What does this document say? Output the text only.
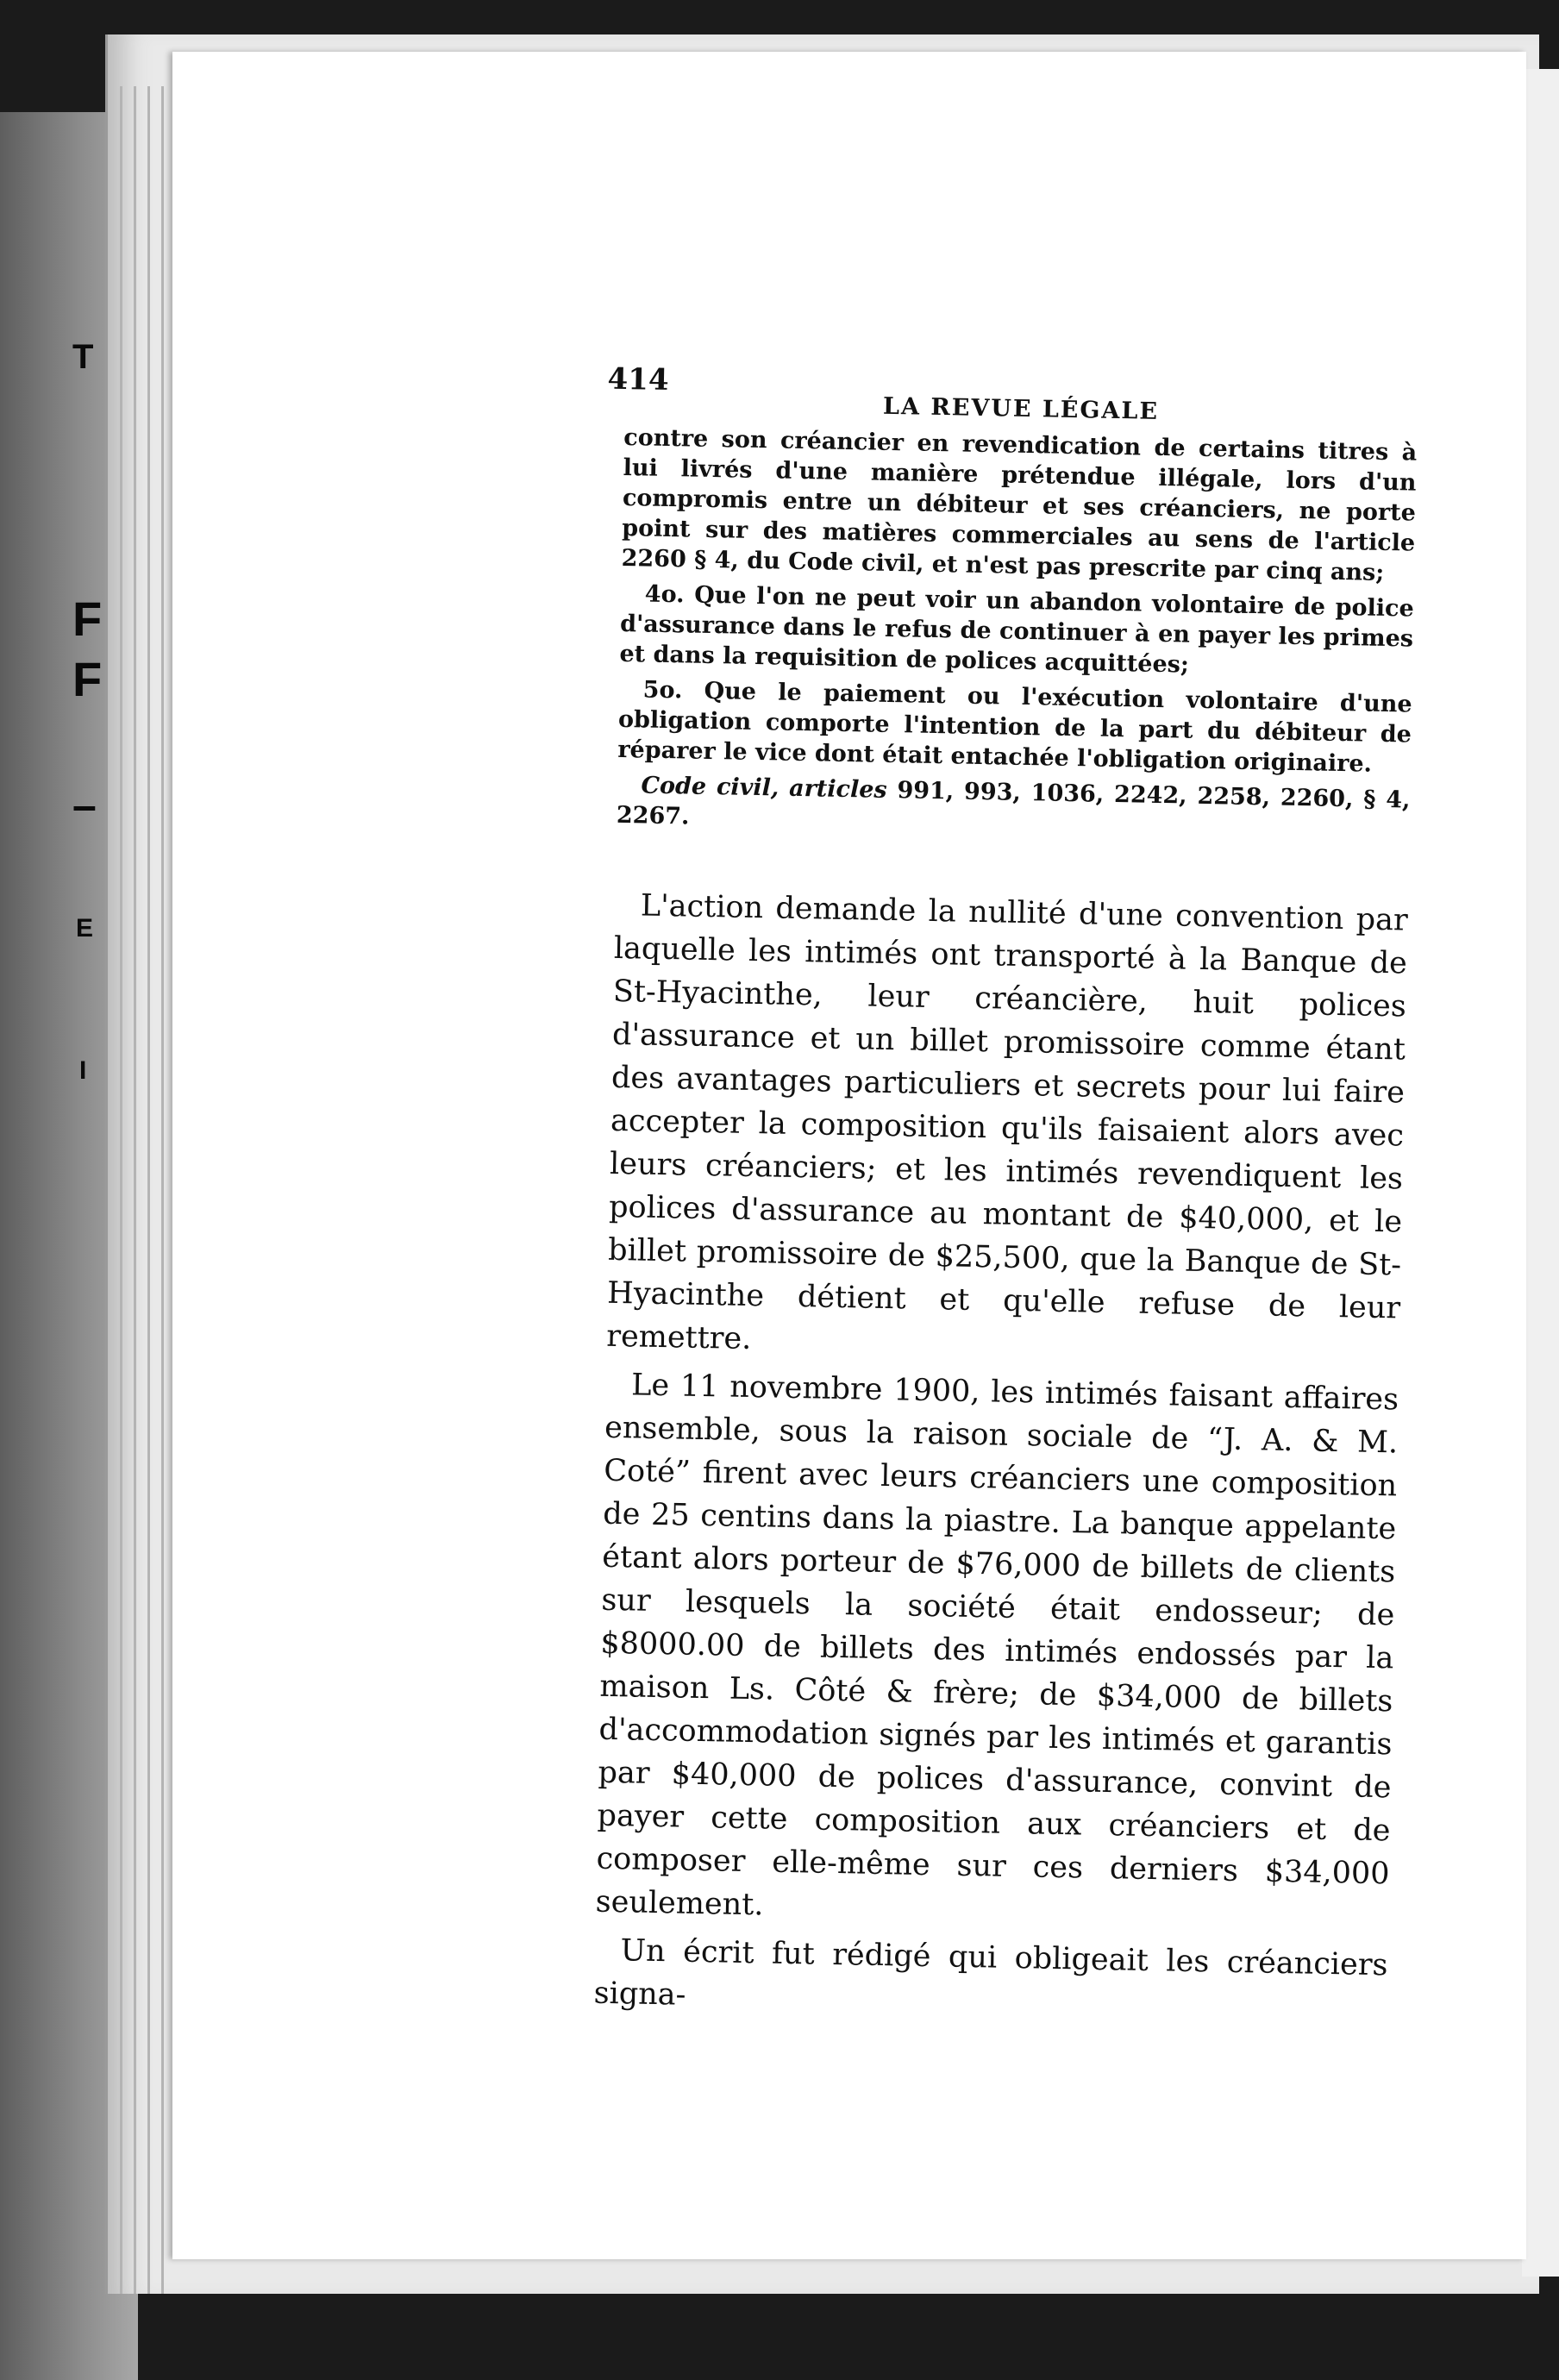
T
F
F
–
E
I
414
LA REVUE LÉGALE

contre son créancier en revendication de certains titres à lui livrés d'une manière prétendue illégale, lors d'un compromis entre un débiteur et ses créanciers, ne porte point sur des matières commerciales au sens de l'article 2260 § 4, du Code civil, et n'est pas prescrite par cinq ans;

4o. Que l'on ne peut voir un abandon volontaire de police d'assurance dans le refus de continuer à en payer les primes et dans la requisition de polices acquittées;

5o. Que le paiement ou l'exécution volontaire d'une obligation comporte l'intention de la part du débiteur de réparer le vice dont était entachée l'obligation originaire.

Code civil, articles 991, 993, 1036, 2242, 2258, 2260, § 4, 2267.

L'action demande la nullité d'une convention par laquelle les intimés ont transporté à la Banque de St-Hyacinthe, leur créancière, huit polices d'assurance et un billet promissoire comme étant des avantages particuliers et secrets pour lui faire accepter la composition qu'ils faisaient alors avec leurs créanciers; et les intimés revendiquent les polices d'assurance au montant de $40,000, et le billet promissoire de $25,500, que la Banque de St-Hyacinthe détient et qu'elle refuse de leur remettre.

Le 11 novembre 1900, les intimés faisant affaires ensemble, sous la raison sociale de “J. A. & M. Coté” firent avec leurs créanciers une composition de 25 centins dans la piastre. La banque appelante étant alors porteur de $76,000 de billets de clients sur lesquels la société était endosseur; de $8000.00 de billets des intimés endossés par la maison Ls. Côté & frère; de $34,000 de billets d'accommodation signés par les intimés et garantis par $40,000 de polices d'assurance, convint de payer cette composition aux créanciers et de composer elle-même sur ces derniers $34,000 seulement.

Un écrit fut rédigé qui obligeait les créanciers signa-
